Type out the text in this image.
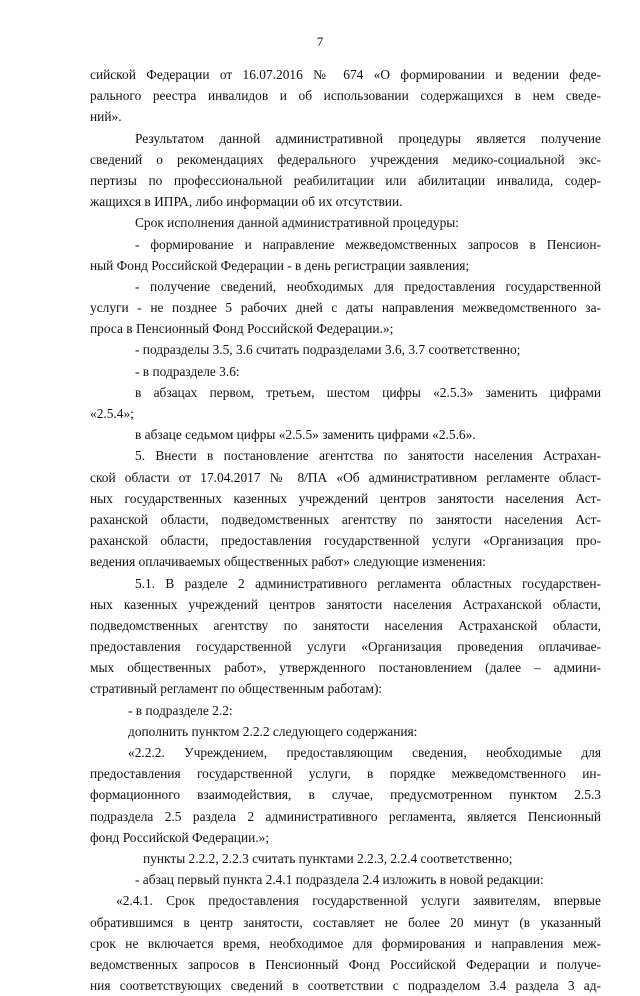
7
сийской Федерации от 16.07.2016 № 674 «О формировании и ведении феде-
рального реестра инвалидов и об использовании содержащихся в нем сведе-
ний».
Результатом данной административной процедуры является получение
сведений о рекомендациях федерального учреждения медико-социальной экс-
пертизы по профессиональной реабилитации или абилитации инвалида, содер-
жащихся в ИПРА, либо информации об их отсутствии.
Срок исполнения данной административной процедуры:
- формирование и направление межведомственных запросов в Пенсион-
ный Фонд Российской Федерации - в день регистрации заявления;
- получение сведений, необходимых для предоставления государственной
услуги - не позднее 5 рабочих дней с даты направления межведомственного за-
проса в Пенсионный Фонд Российской Федерации.»;
- подразделы 3.5, 3.6 считать подразделами 3.6, 3.7 соответственно;
- в подразделе 3.6:
в абзацах первом, третьем, шестом цифры «2.5.3» заменить цифрами
«2.5.4»;
в абзаце седьмом цифры «2.5.5» заменить цифрами «2.5.6».
5. Внести в постановление агентства по занятости населения Астрахан-
ской области от 17.04.2017 № 8/ПА «Об административном регламенте област-
ных государственных казенных учреждений центров занятости населения Аст-
раханской области, подведомственных агентству по занятости населения Аст-
раханской области, предоставления государственной услуги «Организация про-
ведения оплачиваемых общественных работ» следующие изменения:
5.1. В разделе 2 административного регламента областных государствен-
ных казенных учреждений центров занятости населения Астраханской области,
подведомственных агентству по занятости населения Астраханской области,
предоставления государственной услуги «Организация проведения оплачивае-
мых общественных работ», утвержденного постановлением (далее – админи-
стративный регламент по общественным работам):
- в подразделе 2.2:
дополнить пунктом 2.2.2 следующего содержания:
«2.2.2. Учреждением, предоставляющим сведения, необходимые для
предоставления государственной услуги, в порядке межведомственного ин-
формационного взаимодействия, в случае, предусмотренном пунктом 2.5.3
подраздела 2.5 раздела 2 административного регламента, является Пенсионный
фонд Российской Федерации.»;
пункты 2.2.2, 2.2.3 считать пунктами 2.2.3, 2.2.4 соответственно;
- абзац первый пункта 2.4.1 подраздела 2.4 изложить в новой редакции:
«2.4.1. Срок предоставления государственной услуги заявителям, впервые
обратившимся в центр занятости, составляет не более 20 минут (в указанный
срок не включается время, необходимое для формирования и направления меж-
ведомственных запросов в Пенсионный Фонд Российской Федерации и получе-
ния соответствующих сведений в соответствии с подразделом 3.4 раздела 3 ад-
